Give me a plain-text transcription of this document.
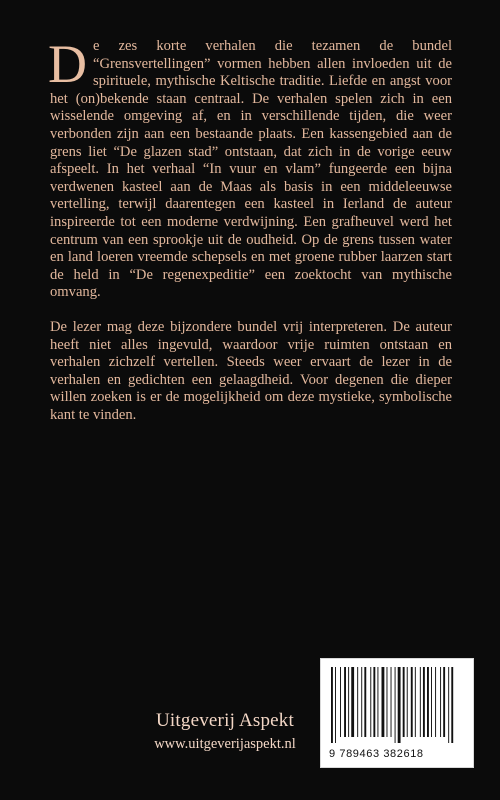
De zes korte verhalen die tezamen de bundel “Grensvertellingen” vormen hebben allen invloeden uit de spirituele, mythische Keltische traditie. Liefde en angst voor het (on)bekende staan centraal. De verhalen spelen zich in een wisselende omgeving af, en in verschillende tijden, die weer verbonden zijn aan een bestaande plaats. Een kassengebied aan de grens liet “De glazen stad” ontstaan, dat zich in de vorige eeuw afspeelt. In het verhaal “In vuur en vlam” fungeerde een bijna verdwenen kasteel aan de Maas als basis in een middeleeuwse vertelling, terwijl daarentegen een kasteel in Ierland de auteur inspireerde tot een moderne verdwijning. Een grafheuvel werd het centrum van een sprookje uit de oudheid. Op de grens tussen water en land loeren vreemde schepsels en met groene rubber laarzen start de held in “De regenexpeditie” een zoektocht van mythische omvang.

De lezer mag deze bijzondere bundel vrij interpreteren. De auteur heeft niet alles ingevuld, waardoor vrije ruimten ontstaan en verhalen zichzelf vertellen. Steeds weer ervaart de lezer in de verhalen en gedichten een gelaagdheid. Voor degenen die dieper willen zoeken is er de mogelijkheid om deze mystieke, symbolische kant te vinden.

Uitgeverij Aspekt
www.uitgeverijaspekt.nl
9 789463 382618
